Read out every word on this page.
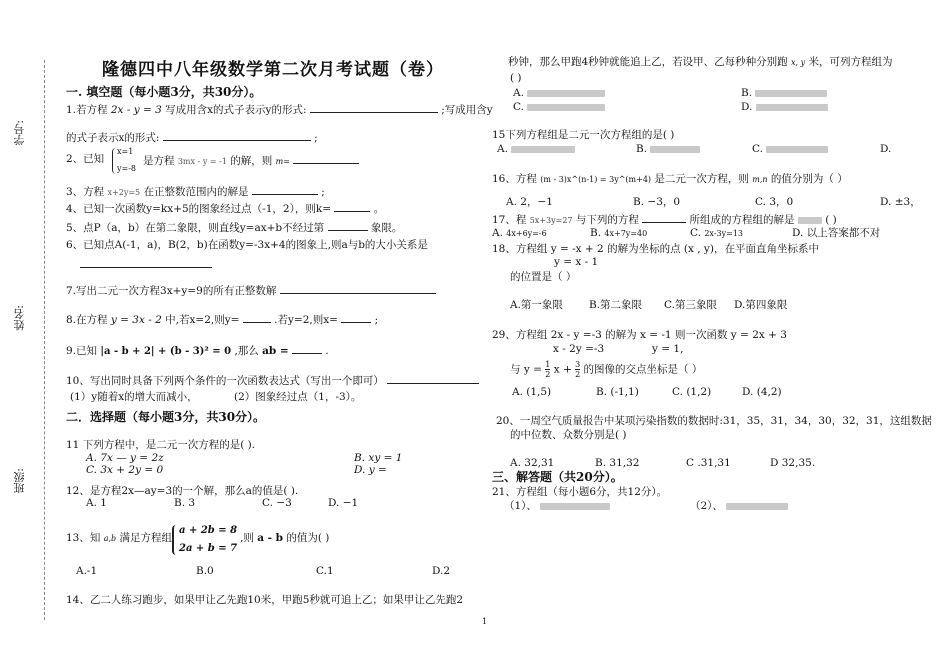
学号:
姓名:
班级:
隆德四中八年级数学第二次月考试题（卷）
一. 填空题（每小题3分，共30分）。
1.若方程 2x - y = 3 写成用含x的式子表示y的形式:	;写成用含y
的式子表示x的形式:	;
2、已知
x=1
y=-8
是方程 3mx - y = -1 的解，则 m=
3、方程 x+2y=5 在正整数范围内的解是	;
4、已知一次函数y=kx+5的图象经过点（-1，2），则k=	。
5、点P（a，b）在第二象限，则直线y=ax+b不经过第	象限。
6、已知点A(-1，a)，B(2，b)在函数y=-3x+4的图象上,则a与b的大小关系是
7.写出二元一次方程3x+y=9的所有正整数解
8.在方程 y = 3x - 2 中,若x=2,则y=	.若y=2,则x=	;
9.已知 |a - b + 2| + (b - 3)² = 0 ,那么 ab =	.
10、写出同时具备下列两个条件的一次函数表达式（写出一个即可）
(1）y随着x的增大而减小，	(2）图象经过点（1，-3）。
二．选择题（每小题3分，共30分）。
11 下列方程中，是二元一次方程的是( ).
A. 7x — y = 2z	B. xy = 1
C. 3x + 2y = 0	D. y =
12、是方程2x—ay=3的一个解，那么a的值是( ).
A. 1	B. 3	C. −3	D. −1
13、知 a,b 满足方程组
a + 2b = 8
2a + b = 7
,则 a - b 的值为( )
A.-1	B.0	C.1	D.2
14、乙二人练习跑步，如果甲让乙先跑10米，甲跑5秒就可追上乙；如果甲让乙先跑2
秒钟，那么甲跑4秒钟就能追上乙，若设甲、乙每秒种分别跑 x, y 米，可列方程组为
( )
A.	B.
C.	D.
15下列方程组是二元一次方程组的是( )
A.	B.	C.	D.
16、方程 (m - 3)x^(n-1) = 3y^(m+4) 是二元一次方程，则 m,n 的值分别为（ ）
A. 2，−1	B. −3，0	C. 3，0	D. ±3，
17、程 5x+3y=27 与下列的方程	所组成的方程组的解是	( )
A. 4x+6y=-6	B. 4x+7y=40	C. 2x-3y=13	D. 以上答案都不对
18、方程组 y = -x + 2 的解为坐标的点 (x , y)，在平面直角坐标系中
y = x - 1
的位置是（ ）
A.第一象限 B.第二象限 C.第三象限 D.第四象限
29、方程组 2x - y =-3 的解为 x = -1 则一次函数 y = 2x + 3
x - 2y =-3	y = 1,
与 $y = \frac{1}{2}$ $x + \frac{3}{2}$ 的图像的交点坐标是（ ）
A. (1,5)	B. (-1,1)	C. (1,2)	D. (4,2)
20、一周空气质量报告中某项污染指数的数据时:31，35，31，34，30，32，31，这组数据
的中位数、众数分别是( )
A. 32,31	B. 31,32	C .31,31	D 32,35.
三、解答题（共20分）。
21、方程组（每小题6分，共12分）。
（1）、	（2）、
1
